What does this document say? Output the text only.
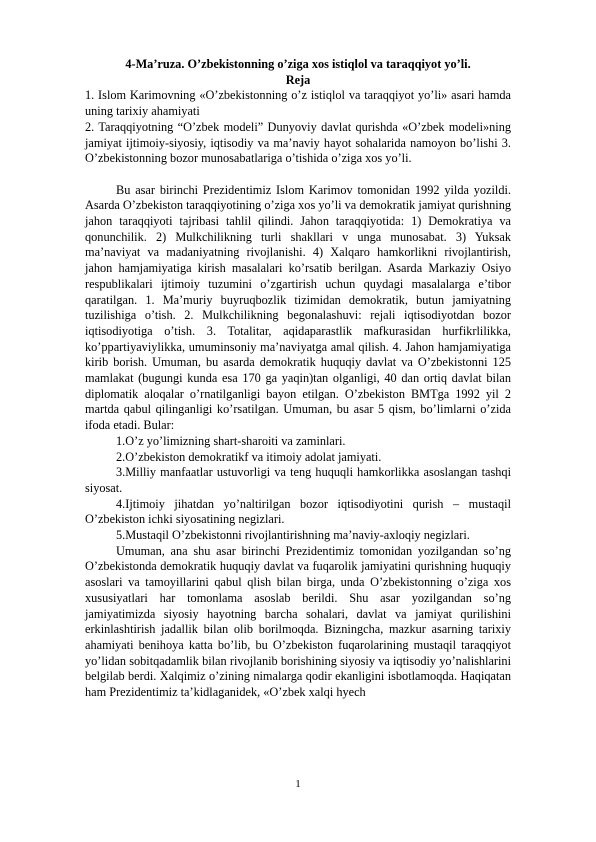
4-Ma’ruza. O’zbekistonning o’ziga xos istiqlol va taraqqiyot yo’li.

Reja

1. Islom Karimovning «O’zbekistonning o’z istiqlol va taraqqiyot yo’li» asari hamda uning tarixiy ahamiyati

2. Taraqqiyotning “O’zbek modeli” Dunyoviy davlat qurishda «O’zbek modeli»ning jamiyat ijtimoiy-siyosiy, iqtisodiy va ma’naviy hayot sohalarida namoyon bo’lishi 3. O’zbekistonning bozor munosabatlariga o’tishida o’ziga xos yo’li.

Bu asar birinchi Prezidentimiz Islom Karimov tomonidan 1992 yilda yozildi. Asarda O’zbekiston taraqqiyotining o’ziga xos yo’li va demokratik jamiyat qurishning jahon taraqqiyoti tajribasi tahlil qilindi. Jahon taraqqiyotida: 1) Demokratiya va qonunchilik. 2) Mulkchilikning turli shakllari v unga munosabat. 3) Yuksak ma’naviyat va madaniyatning rivojlanishi. 4) Xalqaro hamkorlikni rivojlantirish, jahon hamjamiyatiga kirish masalalari ko’rsatib berilgan. Asarda Markaziy Osiyo respublikalari ijtimoiy tuzumini o’zgartirish uchun quydagi masalalarga e’tibor qaratilgan. 1. Ma’muriy buyruqbozlik tizimidan demokratik, butun jamiyatning tuzilishiga o’tish. 2. Mulkchilikning begonalashuvi: rejali iqtisodiyotdan bozor iqtisodiyotiga o’tish. 3. Totalitar, aqidaparastlik mafkurasidan hurfikrlilikka, ko’ppartiyaviylikka, umuminsoniy ma’naviyatga amal qilish. 4. Jahon hamjamiyatiga kirib borish. Umuman, bu asarda demokratik huquqiy davlat va O’zbekistonni 125 mamlakat (bugungi kunda esa 170 ga yaqin)tan olganligi, 40 dan ortiq davlat bilan diplomatik aloqalar o’rnatilganligi bayon etilgan. O’zbekiston BMTga 1992 yil 2 martda qabul qilinganligi ko’rsatilgan. Umuman, bu asar 5 qism, bo’limlarni o’zida ifoda etadi. Bular:

1.O’z yo’limizning shart-sharoiti va zaminlari.

2.O’zbekiston demokratikf va itimoiy adolat jamiyati.

3.Milliy manfaatlar ustuvorligi va teng huquqli hamkorlikka asoslangan tashqi siyosat.

4.Ijtimoiy jihatdan yo’naltirilgan bozor iqtisodiyotini qurish – mustaqil O’zbekiston ichki siyosatining negizlari.

5.Mustaqil O’zbekistonni rivojlantirishning ma’naviy-axloqiy negizlari.

Umuman, ana shu asar birinchi Prezidentimiz tomonidan yozilgandan so’ng O’zbekistonda demokratik huquqiy davlat va fuqarolik jamiyatini qurishning huquqiy asoslari va tamoyillarini qabul qlish bilan birga, unda O’zbekistonning o’ziga xos xususiyatlari har tomonlama asoslab berildi. Shu asar yozilgandan so’ng jamiyatimizda siyosiy hayotning barcha sohalari, davlat va jamiyat qurilishini erkinlashtirish jadallik bilan olib borilmoqda. Bizningcha, mazkur asarning tarixiy ahamiyati benihoya katta bo’lib, bu O’zbekiston fuqarolarining mustaqil taraqqiyot yo’lidan sobitqadamlik bilan rivojlanib borishining siyosiy va iqtisodiy yo’nalishlarini belgilab berdi. Xalqimiz o’zining nimalarga qodir ekanligini isbotlamoqda. Haqiqatan ham Prezidentimiz ta’kidlaganidek, «O’zbek xalqi hyech

1
